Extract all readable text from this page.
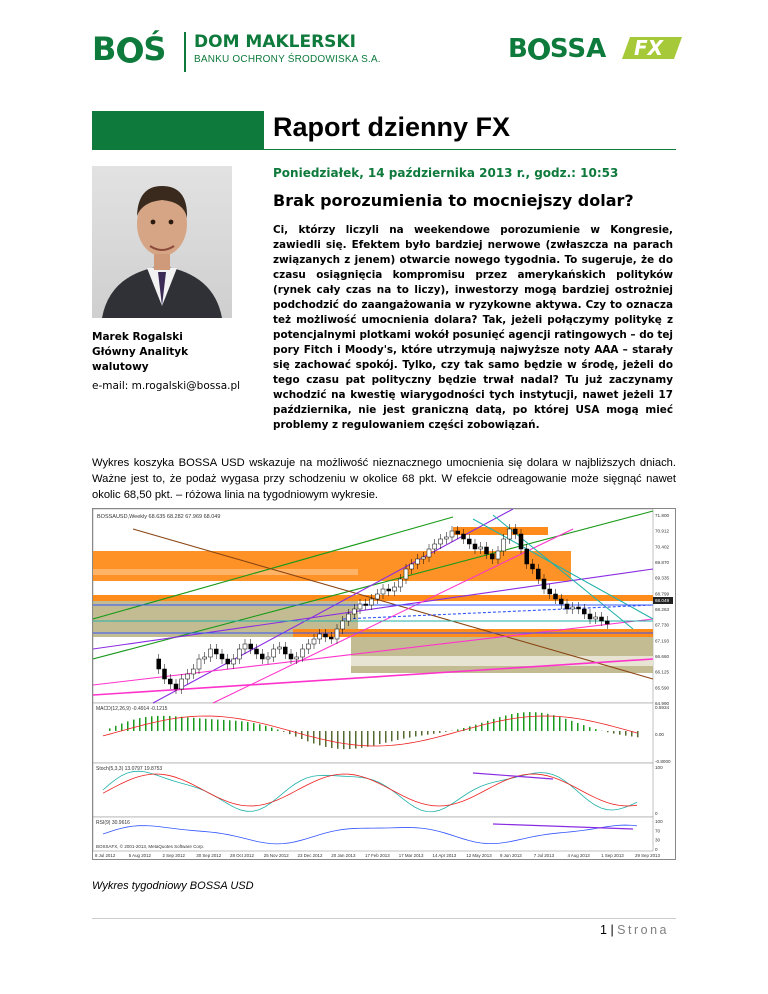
B Ś DOM MAKLERSKI
BANKU OCHRONY ŚRODOWISKA S.A.	B SSA FX
Raport dzienny FX
Poniedziałek, 14 października 2013 r., godz.: 10:53
Brak porozumienia to mocniejszy dolar?
Marek Rogalski
Główny Analityk
walutowy
e-mail: m.rogalski@bossa.pl
Ci, którzy liczyli na weekendowe porozumienie w Kongresie, zawiedli się. Efektem było bardziej nerwowe (zwłaszcza na parach związanych z jenem) otwarcie nowego tygodnia. To sugeruje, że do czasu osiągnięcia kompromisu przez amerykańskich polityków (rynek cały czas na to liczy), inwestorzy mogą bardziej ostrożniej podchodzić do zaangażowania w ryzykowne aktywa. Czy to oznacza też możliwość umocnienia dolara? Tak, jeżeli połączymy politykę z potencjalnymi plotkami wokół posunięć agencji ratingowych – do tej pory Fitch i Moody's, które utrzymują najwyższe noty AAA – starały się zachować spokój. Tylko, czy tak samo będzie w środę, jeżeli do tego czasu pat polityczny będzie trwał nadal? Tu już zaczynamy wchodzić na kwestię wiarygodności tych instytucji, nawet jeżeli 17 października, nie jest graniczną datą, po której USA mogą mieć problemy z regulowaniem części zobowiązań.
Wykres koszyka BOSSA USD wskazuje na możliwość nieznacznego umocnienia się dolara w najbliższych dniach. Ważne jest to, że podaż wygasa przy schodzeniu w okolice 68 pkt. W efekcie odreagowanie może sięgnąć nawet okolic 68,50 pkt. – różowa linia na tygodniowym wykresie.
BOSSAUSD,Weekly 68.635 68.282 67.969 68.049
MACD(12,26,9) -0.4914 -0.1215
Stoch(5,3,3) 13.0797 19.8753
RSI(9) 30.9616
BOSSAFX, © 2001-2013, MetaQuotes Software Corp.
71.800
70.912
70.402
69.870
69.335
68.799
68.263
67.730
67.193
66.660
66.125
65.590
64.990
68.049
0.5934
0.00
-0.8000
100
0
100
70
30
0
8 Jul 2012	5 Aug 2012	2 Sep 2012	30 Sep 2012 28 Oct 2012 25 Nov 2012 23 Dec 2012 20 Jan 2013 17 Feb 2013 17 Mar 2013 14 Apr 2013 12 May 2013 9 Jun 2013	7 Jul 2013	4 Aug 2013	1 Sep 2013	29 Sep 2013
Wykres tygodniowy BOSSA USD
1 | Strona
